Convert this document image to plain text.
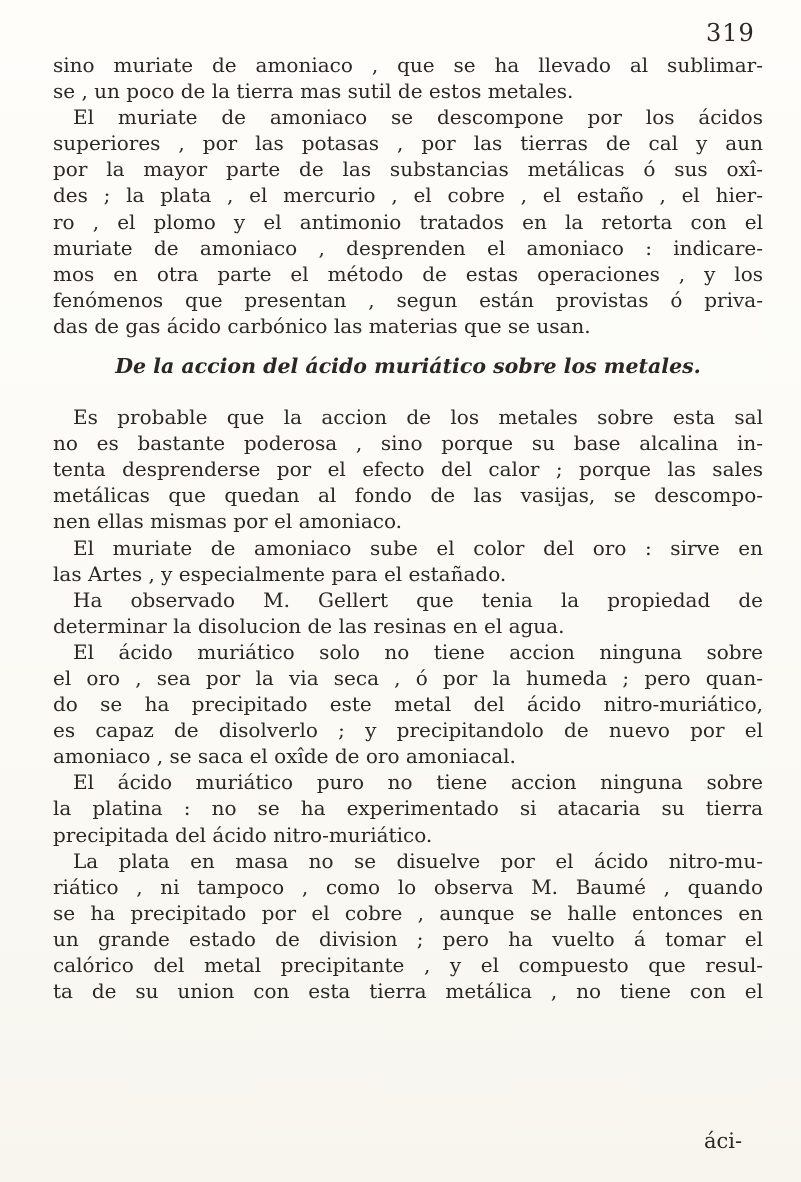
319
sino muriate de amoniaco , que se ha llevado al sublimar-
se , un poco de la tierra mas sutil de estos metales.
El muriate de amoniaco se descompone por los ácidos
superiores , por las potasas , por las tierras de cal y aun
por la mayor parte de las substancias metálicas ó sus oxî-
des ; la plata , el mercurio , el cobre , el estaño , el hier-
ro , el plomo y el antimonio tratados en la retorta con el
muriate de amoniaco , desprenden el amoniaco : indicare-
mos en otra parte el método de estas operaciones , y los
fenómenos que presentan , segun están provistas ó priva-
das de gas ácido carbónico las materias que se usan.
De la accion del ácido muriático sobre los metales.
Es probable que la accion de los metales sobre esta sal
no es bastante poderosa , sino porque su base alcalina in-
tenta desprenderse por el efecto del calor ; porque las sales
metálicas que quedan al fondo de las vasijas, se descompo-
nen ellas mismas por el amoniaco.
El muriate de amoniaco sube el color del oro : sirve en
las Artes , y especialmente para el estañado.
Ha observado M. Gellert que tenia la propiedad de
determinar la disolucion de las resinas en el agua.
El ácido muriático solo no tiene accion ninguna sobre
el oro , sea por la via seca , ó por la humeda ; pero quan-
do se ha precipitado este metal del ácido nitro-muriático,
es capaz de disolverlo ; y precipitandolo de nuevo por el
amoniaco , se saca el oxîde de oro amoniacal.
El ácido muriático puro no tiene accion ninguna sobre
la platina : no se ha experimentado si atacaria su tierra
precipitada del ácido nitro-muriático.
La plata en masa no se disuelve por el ácido nitro-mu-
riático , ni tampoco , como lo observa M. Baumé , quando
se ha precipitado por el cobre , aunque se halle entonces en
un grande estado de division ; pero ha vuelto á tomar el
calórico del metal precipitante , y el compuesto que resul-
ta de su union con esta tierra metálica , no tiene con el
áci-
